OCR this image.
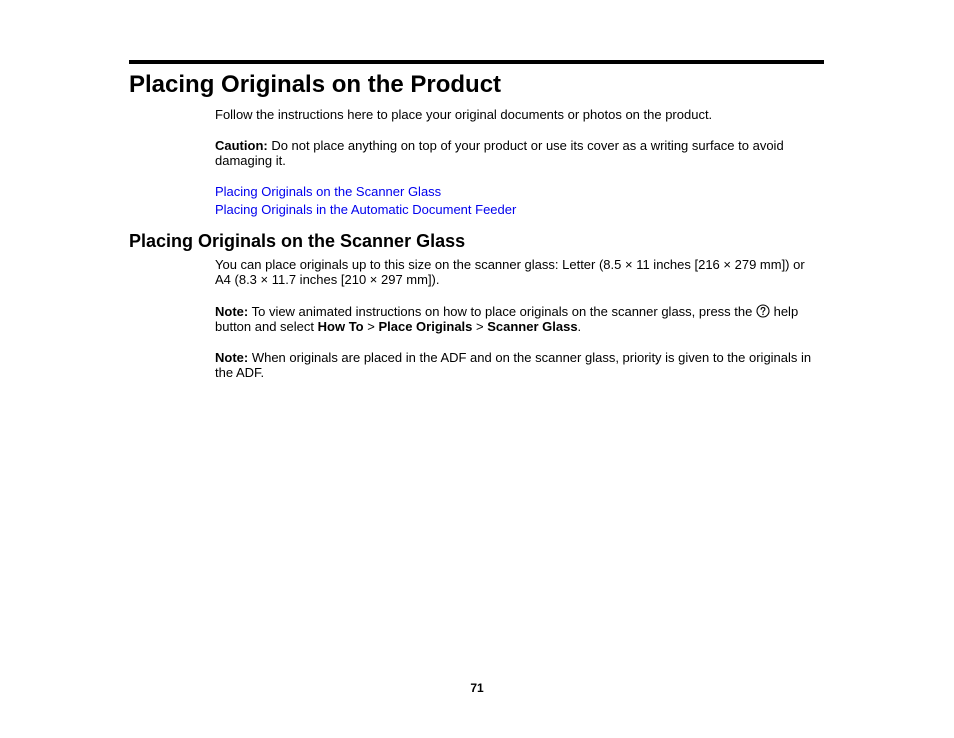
Placing Originals on the Product

Follow the instructions here to place your original documents or photos on the product.

Caution: Do not place anything on top of your product or use its cover as a writing surface to avoid damaging it.

Placing Originals on the Scanner Glass
Placing Originals in the Automatic Document Feeder
Placing Originals on the Scanner Glass

You can place originals up to this size on the scanner glass: Letter (8.5 × 11 inches [216 × 279 mm]) or A4 (8.3 × 11.7 inches [210 × 297 mm]).

Note: To view animated instructions on how to place originals on the scanner glass, press the  help button and select How To > Place Originals > Scanner Glass.

Note: When originals are placed in the ADF and on the scanner glass, priority is given to the originals in the ADF.

71
